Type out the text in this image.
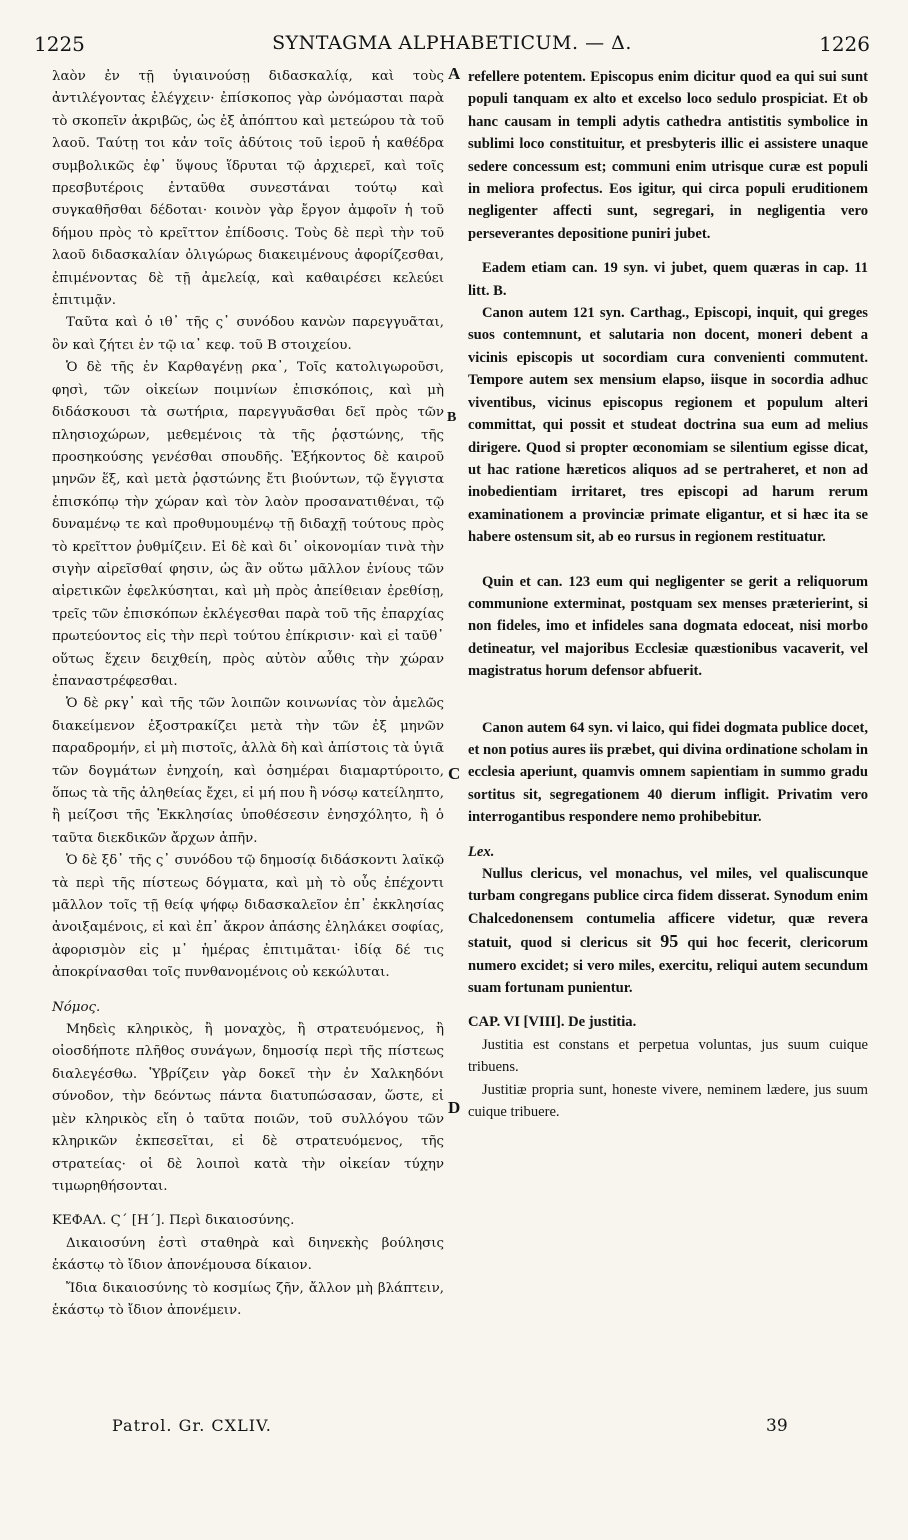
1225	SYNTAGMA ALPHABETICUM. — Δ.	1226
A
B
C
D

λαὸν ἐν τῇ ὑγιαινούσῃ διδασκαλίᾳ, καὶ τοὺς ἀντιλέγοντας ἐλέγχειν· ἐπίσκοπος γὰρ ὠνόμασται παρὰ τὸ σκοπεῖν ἀκριβῶς, ὡς ἐξ ἀπόπτου καὶ μετεώρου τὰ τοῦ λαοῦ. Ταύτῃ τοι κἀν τοῖς ἀδύτοις τοῦ ἱεροῦ ἡ καθέδρα συμβολικῶς ἐφ᾿ ὕψους ἵδρυται τῷ ἀρχιερεῖ, καὶ τοῖς πρεσβυτέροις ἐνταῦθα συνεστάναι τούτῳ καὶ συγκαθῆσθαι δέδοται· κοινὸν γὰρ ἔργον ἀμφοῖν ἡ τοῦ δήμου πρὸς τὸ κρεῖττον ἐπίδοσις. Τοὺς δὲ περὶ τὴν τοῦ λαοῦ διδασκαλίαν ὀλιγώρως διακειμένους ἀφορίζεσθαι, ἐπιμένοντας δὲ τῇ ἀμελείᾳ, καὶ καθαιρέσει κελεύει ἐπιτιμᾷν.

Ταῦτα καὶ ὁ ιθ᾿ τῆς ς᾿ συνόδου κανὼν παρεγγυᾶται, ὃν καὶ ζήτει ἐν τῷ ια᾿ κεφ. τοῦ Β στοιχείου.

Ὁ δὲ τῆς ἐν Καρθαγένῃ ρκα᾿, Τοῖς κατολιγωροῦσι, φησὶ, τῶν οἰκείων ποιμνίων ἐπισκόποις, καὶ μὴ διδάσκουσι τὰ σωτήρια, παρεγγυᾶσθαι δεῖ πρὸς τῶν πλησιοχώρων, μεθεμένοις τὰ τῆς ῥᾳστώνης, τῆς προσηκούσης γενέσθαι σπουδῆς. Ἑξήκοντος δὲ καιροῦ μηνῶν ἕξ, καὶ μετὰ ῥᾳστώνης ἔτι βιούντων, τῷ ἔγγιστα ἐπισκόπῳ τὴν χώραν καὶ τὸν λαὸν προσανατιθέναι, τῷ δυναμένῳ τε καὶ προθυμουμένῳ τῇ διδαχῇ τούτους πρὸς τὸ κρεῖττον ῥυθμίζειν. Εἰ δὲ καὶ δι᾿ οἰκονομίαν τινὰ τὴν σιγὴν αἱρεῖσθαί φησιν, ὡς ἂν οὕτω μᾶλλον ἐνίους τῶν αἱρετικῶν ἐφελκύσηται, καὶ μὴ πρὸς ἀπείθειαν ἐρεθίσῃ, τρεῖς τῶν ἐπισκόπων ἐκλέγεσθαι παρὰ τοῦ τῆς ἐπαρχίας πρωτεύοντος εἰς τὴν περὶ τούτου ἐπίκρισιν· καὶ εἰ ταῦθ᾿ οὕτως ἔχειν δειχθείη, πρὸς αὐτὸν αὖθις τὴν χώραν ἐπαναστρέφεσθαι.

Ὁ δὲ ρκγ᾿ καὶ τῆς τῶν λοιπῶν κοινωνίας τὸν ἀμελῶς διακείμενον ἐξοστρακίζει μετὰ τὴν τῶν ἐξ μηνῶν παραδρομήν, εἰ μὴ πιστοῖς, ἀλλὰ δὴ καὶ ἀπίστοις τὰ ὑγιᾶ τῶν δογμάτων ἐνηχοίη, καὶ ὁσημέραι διαμαρτύροιτο, ὅπως τὰ τῆς ἀληθείας ἔχει, εἰ μή που ἢ νόσῳ κατείληπτο, ἢ μείζοσι τῆς Ἐκκλησίας ὑποθέσεσιν ἐνησχόλητο, ἢ ὁ ταῦτα διεκδικῶν ἄρχων ἀπῆν.

Ὁ δὲ ξδ᾿ τῆς ς᾿ συνόδου τῷ δημοσίᾳ διδάσκοντι λαϊκῷ τὰ περὶ τῆς πίστεως δόγματα, καὶ μὴ τὸ οὖς ἐπέχοντι μᾶλλον τοῖς τῇ θείᾳ ψήφῳ διδασκαλεῖον ἐπ᾿ ἐκκλησίας ἀνοιξαμένοις, εἰ καὶ ἐπ᾿ ἄκρον ἁπάσης ἐληλάκει σοφίας, ἀφορισμὸν εἰς μ᾿ ἡμέρας ἐπιτιμᾶται· ἰδίᾳ δέ τις ἀποκρίνασθαι τοῖς πυνθανομένοις οὐ κεκώλυται.

Νόμος.

Μηδεὶς κληρικὸς, ἢ μοναχὸς, ἢ στρατευόμενος, ἢ οἱοσδήποτε πλῆθος συνάγων, δημοσίᾳ περὶ τῆς πίστεως διαλεγέσθω. Ὑβρίζειν γὰρ δοκεῖ τὴν ἐν Χαλκηδόνι σύνοδον, τὴν δεόντως πάντα διατυπώσασαν, ὥστε, εἰ μὲν κληρικὸς εἴη ὁ ταῦτα ποιῶν, τοῦ συλλόγου τῶν κληρικῶν ἐκπεσεῖται, εἰ δὲ στρατευόμενος, τῆς στρατείας· οἱ δὲ λοιποὶ κατὰ τὴν οἰκείαν τύχην τιμωρηθήσονται.

ΚΕΦΑΛ. Ϛ´ [Η´]. Περὶ δικαιοσύνης.

Δικαιοσύνη ἐστὶ σταθηρὰ καὶ διηνεκὴς βούλησις ἑκάστῳ τὸ ἴδιον ἀπονέμουσα δίκαιον.

Ἴδια δικαιοσύνης τὸ κοσμίως ζῆν, ἄλλον μὴ βλάπτειν, ἑκάστῳ τὸ ἴδιον ἀπονέμειν.

refellere potentem. Episcopus enim dicitur quod ea qui sui sunt populi tanquam ex alto et excelso loco sedulo prospiciat. Et ob hanc causam in templi adytis cathedra antistitis symbolice in sublimi loco constituitur, et presbyteris illic ei assistere unaque sedere concessum est; communi enim utrisque curæ est populi in meliora profectus. Eos igitur, qui circa populi eruditionem negligenter affecti sunt, segregari, in negligentia vero perseverantes depositione puniri jubet.

Eadem etiam can. 19 syn. vi jubet, quem quæras in cap. 11 litt. B.

Canon autem 121 syn. Carthag., Episcopi, inquit, qui greges suos contemnunt, et salutaria non docent, moneri debent a vicinis episcopis ut socordiam cura convenienti commutent. Tempore autem sex mensium elapso, iisque in socordia adhuc viventibus, vicinus episcopus regionem et populum alteri committat, qui possit et studeat doctrina sua eum ad melius dirigere. Quod si propter œconomiam se silentium egisse dicat, ut hac ratione hæreticos aliquos ad se pertraheret, et non ad inobedientiam irritaret, tres episcopi ad harum rerum examinationem a provinciæ primate eligantur, et si hæc ita se habere ostensum sit, ab eo rursus in regionem restituatur.

Quin et can. 123 eum qui negligenter se gerit a reliquorum communione exterminat, postquam sex menses præterierint, si non fideles, imo et infideles sana dogmata edoceat, nisi morbo detineatur, vel majoribus Ecclesiæ quæstionibus vacaverit, vel magistratus horum defensor abfuerit.

Canon autem 64 syn. vi laico, qui fidei dogmata publice docet, et non potius aures iis præbet, qui divina ordinatione scholam in ecclesia aperiunt, quamvis omnem sapientiam in summo gradu sortitus sit, segregationem 40 dierum infligit. Privatim vero interrogantibus respondere nemo prohibebitur.

Lex.

Nullus clericus, vel monachus, vel miles, vel qualiscunque turbam congregans publice circa fidem disserat. Synodum enim Chalcedonensem contumelia afficere videtur, quæ revera statuit, quod si clericus sit 95 qui hoc fecerit, clericorum numero excidet; si vero miles, exercitu, reliqui autem secundum suam fortunam punientur.

CAP. VI [VIII]. De justitia.

Justitia est constans et perpetua voluntas, jus suum cuique tribuens.

Justitiæ propria sunt, honeste vivere, neminem lædere, jus suum cuique tribuere.

Patrol. Gr. CXLIV.	39
